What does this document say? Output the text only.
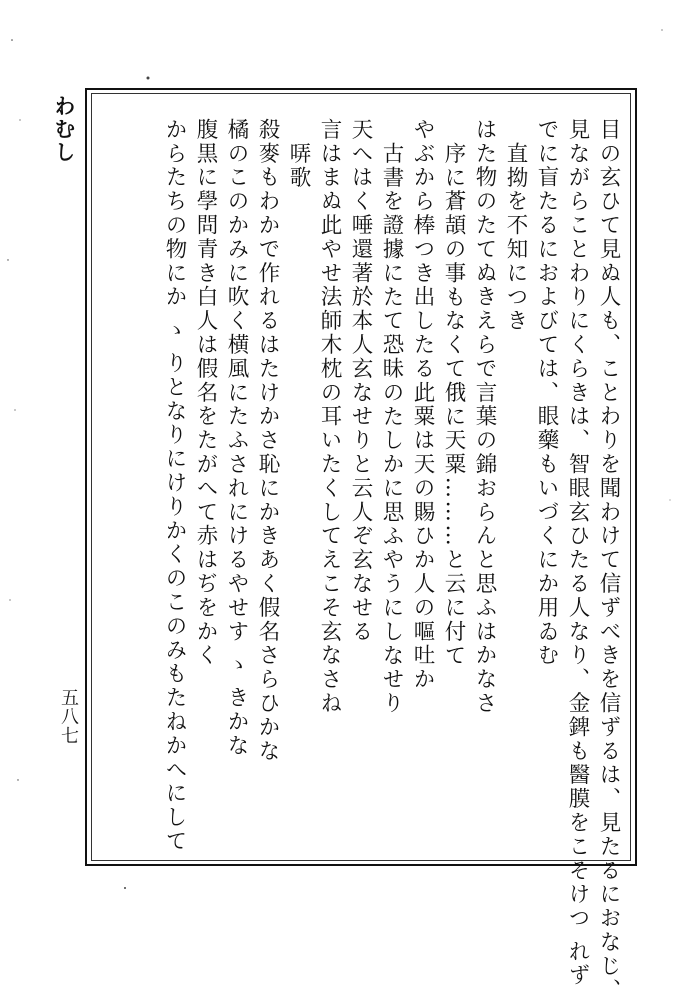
わむし
五八七	目の玄ひて見ぬ人も、ことわりを聞わけて信ずべきを信ずるは、見たるにおなじ、
見ながらことわりにくらきは、智眼玄ひたる人なり、金錍も醫膜をこそけつ れず
でに盲たるにおよびては、眼藥もいづくにか用ゐむ
直拗を不知につき
はた物のたてぬきえらで言葉の錦おらんと思ふはかなさ
序に蒼頡の事もなくて俄に天粟………と云に付て
やぶから棒つき出したる此粟は天の賜ひか人の嘔吐か
古書を證據にたて恐昧のたしかに思ふやうにしなせり
天へはく唾還著於本人玄なせりと云人ぞ玄なせる
言はまぬ此やせ法師木枕の耳いたくしてえこそ玄なさね
哢歌
殺麥もわかで作れるはたけかさ恥にかきあく假名さらひかな
橘のこのかみに吹く横風にたふされにけるやせす ゝ きかな
腹黒に學問青き白人は假名をたがへて赤はぢをかく
からたちの物にか ゝ りとなりにけりかくのこのみもたねかへにして
